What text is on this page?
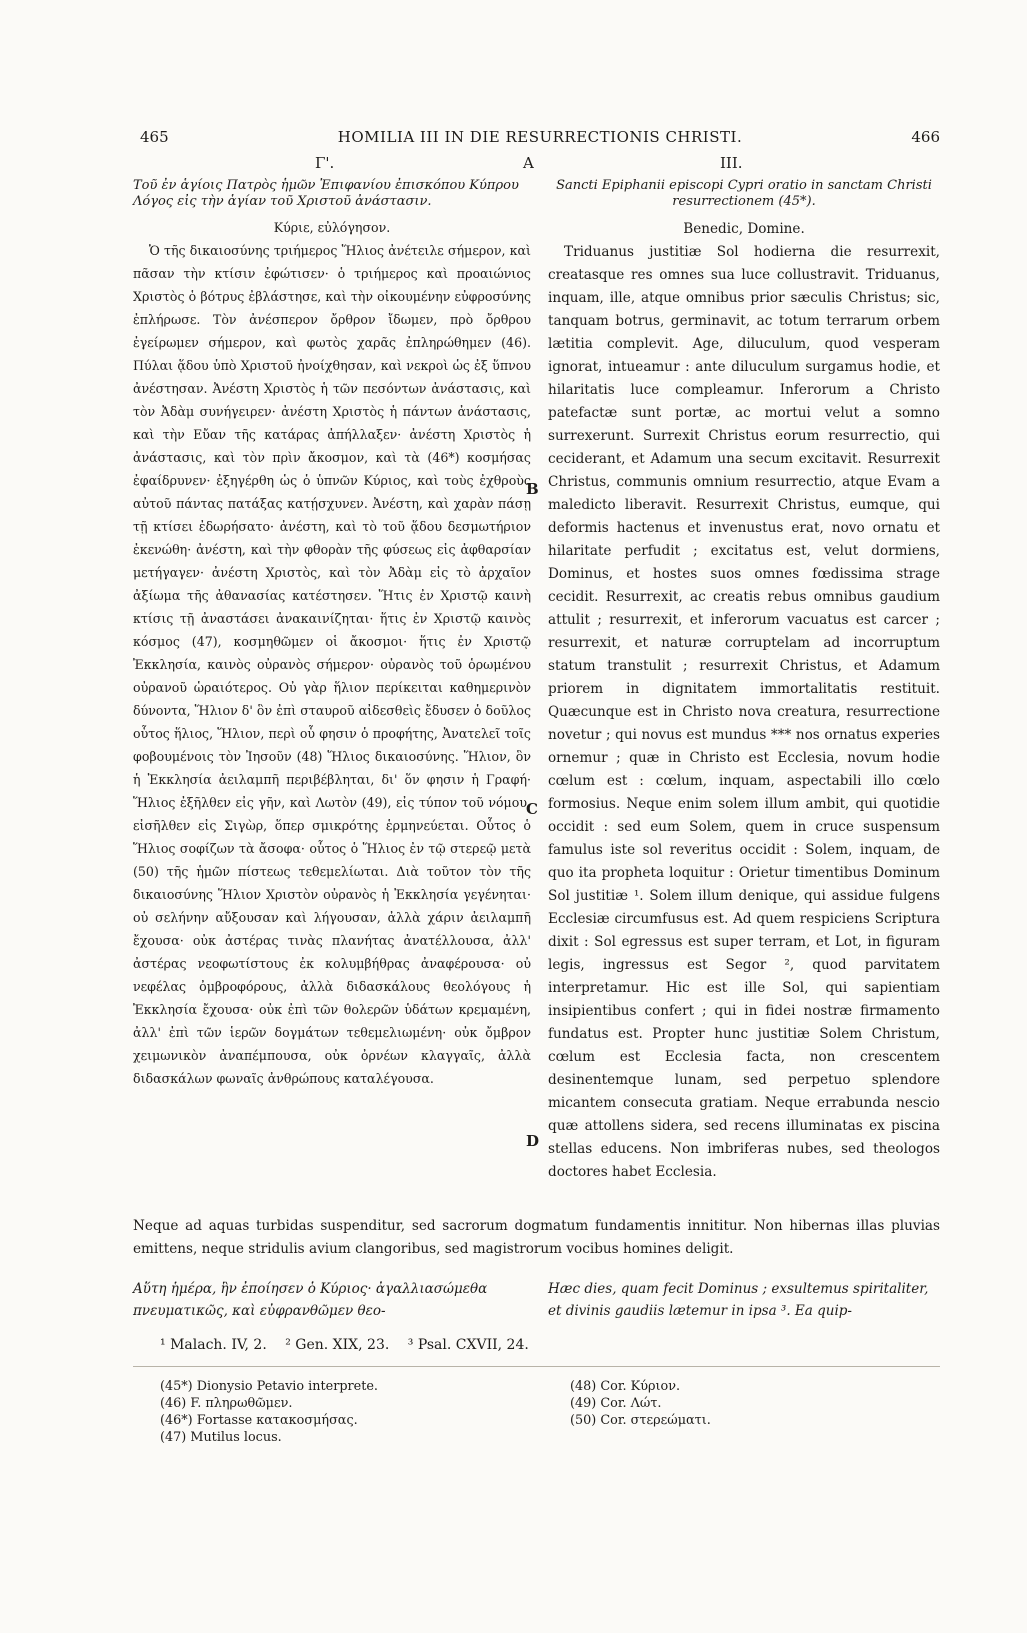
465	HOMILIA III IN DIE RESURRECTIONIS CHRISTI.	466
Γ'.	A	III.
Τοῦ ἐν ἁγίοις Πατρὸς ἡμῶν Ἐπιφανίου ἐπισκόπου Κύπρου Λόγος εἰς τὴν ἁγίαν τοῦ Χριστοῦ ἀνάστασιν.
Κύριε, εὐλόγησον.
Ὁ τῆς δικαιοσύνης τριήμερος Ἥλιος ἀνέτειλε σήμερον, καὶ πᾶσαν τὴν κτίσιν ἐφώτισεν· ὁ τριήμερος καὶ προαιώνιος Χριστὸς ὁ βότρυς ἐβλάστησε, καὶ τὴν οἰκουμένην εὐφροσύνης ἐπλήρωσε. Τὸν ἀνέσπερον ὄρθρον ἴδωμεν, πρὸ ὄρθρου ἐγείρωμεν σήμερον, καὶ φωτὸς χαρᾶς ἐπληρώθημεν (46). Πύλαι ᾅδου ὑπὸ Χριστοῦ ἠνοίχθησαν, καὶ νεκροὶ ὡς ἐξ ὕπνου ἀνέστησαν. Ἀνέστη Χριστὸς ἡ τῶν πεσόντων ἀνάστασις, καὶ τὸν Ἀδὰμ συνήγειρεν· ἀνέστη Χριστὸς ἡ πάντων ἀνάστασις, καὶ τὴν Εὔαν τῆς κατάρας ἀπήλλαξεν· ἀνέστη Χριστὸς ἡ ἀνάστασις, καὶ τὸν πρὶν ἄκοσμον, καὶ τὰ (46*) κοσμήσας ἐφαίδρυνεν· ἐξηγέρθη ὡς ὁ ὑπνῶν Κύριος, καὶ τοὺς ἐχθροὺς αὐτοῦ πάντας πατάξας κατῄσχυνεν. Ἀνέστη, καὶ χαρὰν πάσῃ τῇ κτίσει ἐδωρήσατο· ἀνέστη, καὶ τὸ τοῦ ᾅδου δεσμωτήριον ἐκενώθη· ἀνέστη, καὶ τὴν φθορὰν τῆς φύσεως εἰς ἀφθαρσίαν μετήγαγεν· ἀνέστη Χριστὸς, καὶ τὸν Ἀδὰμ εἰς τὸ ἀρχαῖον ἀξίωμα τῆς ἀθανασίας κατέστησεν. Ἥτις ἐν Χριστῷ καινὴ κτίσις τῇ ἀναστάσει ἀνακαινίζηται· ἥτις ἐν Χριστῷ καινὸς κόσμος (47), κοσμηθῶμεν οἱ ἄκοσμοι· ἥτις ἐν Χριστῷ Ἐκκλησία, καινὸς οὐρανὸς σήμερον· οὐρανὸς τοῦ ὁρωμένου οὐρανοῦ ὡραιότερος. Οὐ γὰρ ἥλιον περίκειται καθημερινὸν δύνοντα, Ἥλιον δ' ὃν ἐπὶ σταυροῦ αἰδεσθεὶς ἔδυσεν ὁ δοῦλος οὗτος ἥλιος, Ἥλιον, περὶ οὗ φησιν ὁ προφήτης, Ἀνατελεῖ τοῖς φοβουμένοις τὸν Ἰησοῦν (48) Ἥλιος δικαιοσύνης. Ἥλιον, ὃν ἡ Ἐκκλησία ἀειλαμπῆ περιβέβληται, δι' ὅν φησιν ἡ Γραφή· Ἥλιος ἐξῆλθεν εἰς γῆν, καὶ Λωτὸν (49), εἰς τύπον τοῦ νόμου, εἰσῆλθεν εἰς Σιγὼρ, ὅπερ σμικρότης ἑρμηνεύεται. Οὗτος ὁ Ἥλιος σοφίζων τὰ ἄσοφα· οὗτος ὁ Ἥλιος ἐν τῷ στερεῷ μετὰ (50) τῆς ἡμῶν πίστεως τεθεμελίωται. Διὰ τοῦτον τὸν τῆς δικαιοσύνης Ἥλιον Χριστὸν οὐρανὸς ἡ Ἐκκλησία γεγένηται· οὐ σελήνην αὔξουσαν καὶ λήγουσαν, ἀλλὰ χάριν ἀειλαμπῆ ἔχουσα· οὐκ ἀστέρας τινὰς πλανήτας ἀνατέλλουσα, ἀλλ' ἀστέρας νεοφωτίστους ἐκ κολυμβήθρας ἀναφέρουσα· οὐ νεφέλας ὀμβροφόρους, ἀλλὰ διδασκάλους θεολόγους ἡ Ἐκκλησία ἔχουσα· οὐκ ἐπὶ τῶν θολερῶν ὑδάτων κρεμαμένη, ἀλλ' ἐπὶ τῶν ἱερῶν δογμάτων τεθεμελιωμένη· οὐκ ὄμβρον χειμωνικὸν ἀναπέμπουσα, οὐκ ὀρνέων κλαγγαῖς, ἀλλὰ διδασκάλων φωναῖς ἀνθρώπους καταλέγουσα.
Sancti Epiphanii episcopi Cypri oratio in sanctam Christi resurrectionem (45*).
Benedic, Domine.
Triduanus justitiæ Sol hodierna die resurrexit, creatasque res omnes sua luce collustravit. Triduanus, inquam, ille, atque omnibus prior sæculis Christus; sic, tanquam botrus, germinavit, ac totum terrarum orbem lætitia complevit. Age, diluculum, quod vesperam ignorat, intueamur : ante diluculum surgamus hodie, et hilaritatis luce compleamur. Inferorum a Christo patefactæ sunt portæ, ac mortui velut a somno surrexerunt. Surrexit Christus eorum resurrectio, qui ceciderant, et Adamum una secum excitavit. Resurrexit Christus, communis omnium resurrectio, atque Evam a maledicto liberavit. Resurrexit Christus, eumque, qui deformis hactenus et invenustus erat, novo ornatu et hilaritate perfudit ; excitatus est, velut dormiens, Dominus, et hostes suos omnes fœdissima strage cecidit. Resurrexit, ac creatis rebus omnibus gaudium attulit ; resurrexit, et inferorum vacuatus est carcer ; resurrexit, et naturæ corruptelam ad incorruptum statum transtulit ; resurrexit Christus, et Adamum priorem in dignitatem immortalitatis restituit. Quæcunque est in Christo nova creatura, resurrectione novetur ; qui novus est mundus *** nos ornatus experies ornemur ; quæ in Christo est Ecclesia, novum hodie cœlum est : cœlum, inquam, aspectabili illo cœlo formosius. Neque enim solem illum ambit, qui quotidie occidit : sed eum Solem, quem in cruce suspensum famulus iste sol reveritus occidit : Solem, inquam, de quo ita propheta loquitur : Orietur timentibus Dominum Sol justitiæ ¹. Solem illum denique, qui assidue fulgens Ecclesiæ circumfusus est. Ad quem respiciens Scriptura dixit : Sol egressus est super terram, et Lot, in figuram legis, ingressus est Segor ², quod parvitatem interpretamur. Hic est ille Sol, qui sapientiam insipientibus confert ; qui in fidei nostræ firmamento fundatus est. Propter hunc justitiæ Solem Christum, cœlum est Ecclesia facta, non crescentem desinentemque lunam, sed perpetuo splendore micantem consecuta gratiam. Neque errabunda nescio quæ attollens sidera, sed recens illuminatas ex piscina stellas educens. Non imbriferas nubes, sed theologos doctores habet Ecclesia.
B
C
D
Neque ad aquas turbidas suspenditur, sed sacrorum dogmatum fundamentis innititur. Non hibernas illas pluvias emittens, neque stridulis avium clangoribus, sed magistrorum vocibus homines deligit.
Αὕτη ἡμέρα, ἣν ἐποίησεν ὁ Κύριος· ἀγαλλιασώμεθα πνευματικῶς, καὶ εὐφρανθῶμεν θεο-
Hæc dies, quam fecit Dominus ; exsultemus spiritaliter, et divinis gaudiis lætemur in ipsa ³. Ea quip-
¹ Malach. IV, 2. ² Gen. XIX, 23. ³ Psal. CXVII, 24.
(45*) Dionysio Petavio interprete.
(46) F. πληρωθῶμεν.
(46*) Fortasse κατακοσμήσας.
(47) Mutilus locus.
(48) Cor. Κύριον.
(49) Cor. Λώτ.
(50) Cor. στερεώματι.
